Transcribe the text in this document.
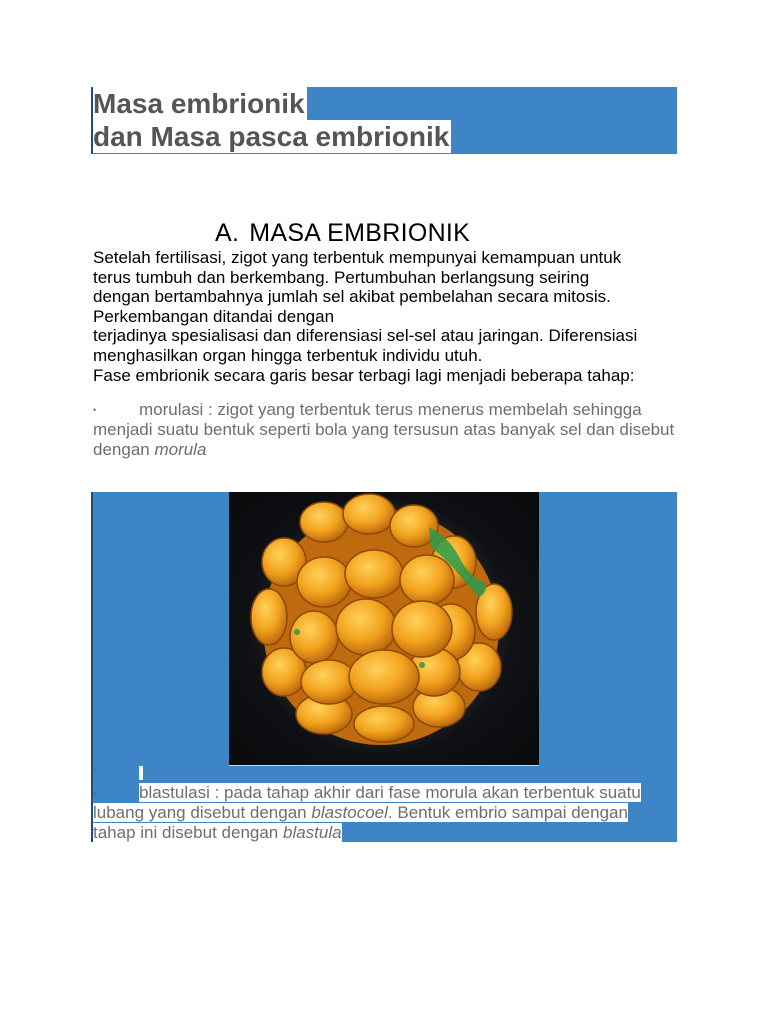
Masa embrionik
dan Masa pasca embrionik
A. MASA EMBRIONIK

Setelah fertilisasi, zigot yang terbentuk mempunyai kemampuan untuk

terus tumbuh dan berkembang. Pertumbuhan berlangsung seiring

dengan bertambahnya jumlah sel akibat pembelahan secara mitosis.

Perkembangan ditandai dengan

terjadinya spesialisasi dan diferensiasi sel-sel atau jaringan. Diferensiasi

menghasilkan organ hingga terbentuk individu utuh.

Fase embrionik secara garis besar terbagi lagi menjadi beberapa tahap:

•	morulasi : zigot yang terbentuk terus menerus membelah sehingga menjadi suatu bentuk seperti bola yang tersusun atas banyak sel dan disebut dengan morula
•
•	blastulasi : pada tahap akhir dari fase morula akan terbentuk suatu
lubang yang disebut dengan blastocoel. Bentuk embrio sampai dengan
tahap ini disebut dengan blastula
